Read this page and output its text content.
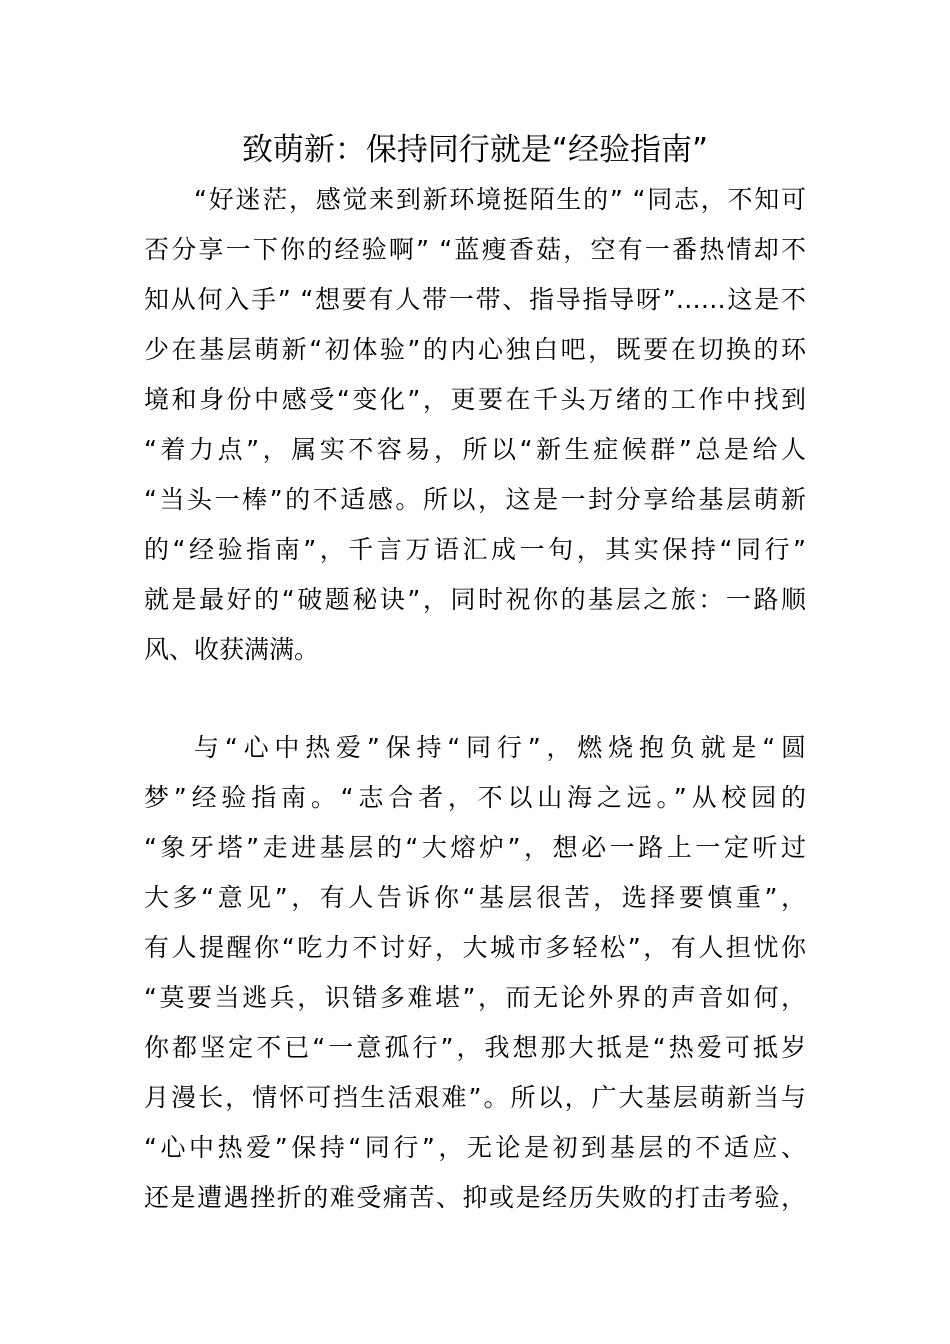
致萌新：保持同行就是“经验指南”
“好迷茫，感觉来到新环境挺陌生的” “同志，不知可
否分享一下你的经验啊” “蓝瘦香菇，空有一番热情却不
知从何入手” “想要有人带一带、指导指导呀”……这是不
少在基层萌新“初体验”的内心独白吧，既要在切换的环
境和身份中感受“变化”，更要在千头万绪的工作中找到
“着力点”，属实不容易，所以“新生症候群”总是给人
“当头一棒”的不适感。所以，这是一封分享给基层萌新
的“经验指南”，千言万语汇成一句，其实保持“同行”
就是最好的“破题秘诀”，同时祝你的基层之旅：一路顺
风、收获满满。
与“心中热爱”保持“同行”，燃烧抱负就是“圆
梦”经验指南。“志合者，不以山海之远。”从校园的
“象牙塔”走进基层的“大熔炉”，想必一路上一定听过
大多“意见”，有人告诉你“基层很苦，选择要慎重”，
有人提醒你“吃力不讨好，大城市多轻松”，有人担忧你
“莫要当逃兵，识错多难堪”，而无论外界的声音如何，
你都坚定不已“一意孤行”，我想那大抵是“热爱可抵岁
月漫长，情怀可挡生活艰难”。所以，广大基层萌新当与
“心中热爱”保持“同行”，无论是初到基层的不适应、
还是遭遇挫折的难受痛苦、抑或是经历失败的打击考验，
